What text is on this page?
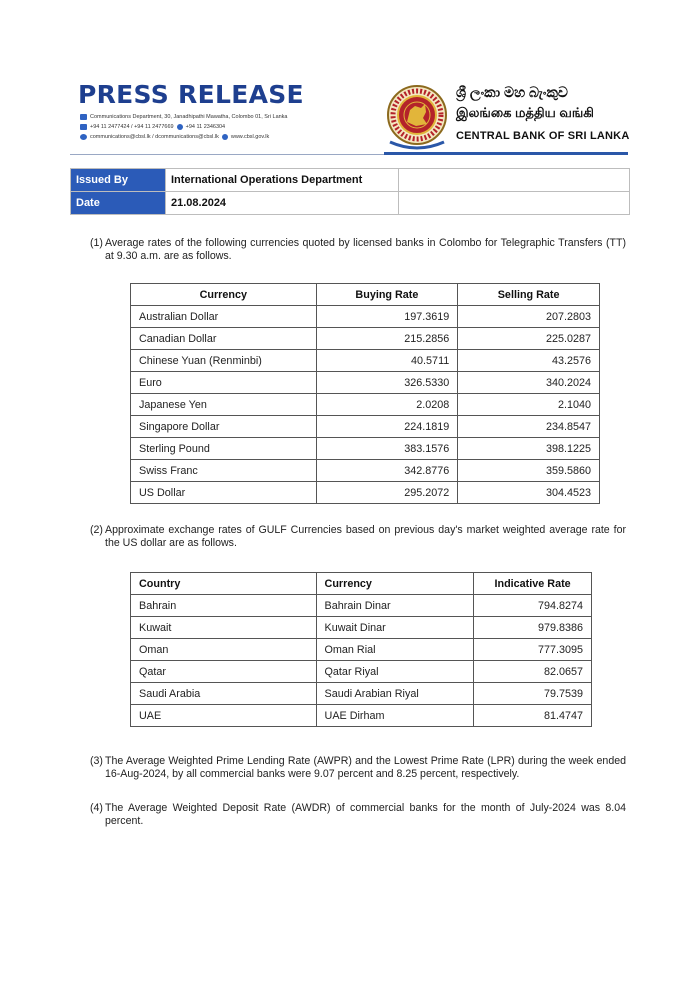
PRESS RELEASE
Communications Department, 30, Janadhipathi Mawatha, Colombo 01, Sri Lanka
+94 11 2477424 / +94 11 2477669 +94 11 2346304
communications@cbsl.lk / dcommunications@cbsl.lk www.cbsl.gov.lk
ශ්‍රී ලංකා මහ බැංකුව
இலங்கை மத்திய வங்கி
CENTRAL BANK OF SRI LANKA
Issued By	International Operations Department	
Date	21.08.2024	
(1) Average rates of the following currencies quoted by licensed banks in Colombo for Telegraphic Transfers (TT) at 9.30 a.m. are as follows.
Currency	Buying Rate	Selling Rate
Australian Dollar	197.3619	207.2803
Canadian Dollar	215.2856	225.0287
Chinese Yuan (Renminbi)	40.5711	43.2576
Euro	326.5330	340.2024
Japanese Yen	2.0208	2.1040
Singapore Dollar	224.1819	234.8547
Sterling Pound	383.1576	398.1225
Swiss Franc	342.8776	359.5860
US Dollar	295.2072	304.4523
(2) Approximate exchange rates of GULF Currencies based on previous day's market weighted average rate for the US dollar are as follows.
Country	Currency	Indicative Rate
Bahrain	Bahrain Dinar	794.8274
Kuwait	Kuwait Dinar	979.8386
Oman	Oman Rial	777.3095
Qatar	Qatar Riyal	82.0657
Saudi Arabia	Saudi Arabian Riyal	79.7539
UAE	UAE Dirham	81.4747
(3) The Average Weighted Prime Lending Rate (AWPR) and the Lowest Prime Rate (LPR) during the week ended 16-Aug-2024, by all commercial banks were 9.07 percent and 8.25 percent, respectively.
(4) The Average Weighted Deposit Rate (AWDR) of commercial banks for the month of July-2024 was 8.04 percent.
